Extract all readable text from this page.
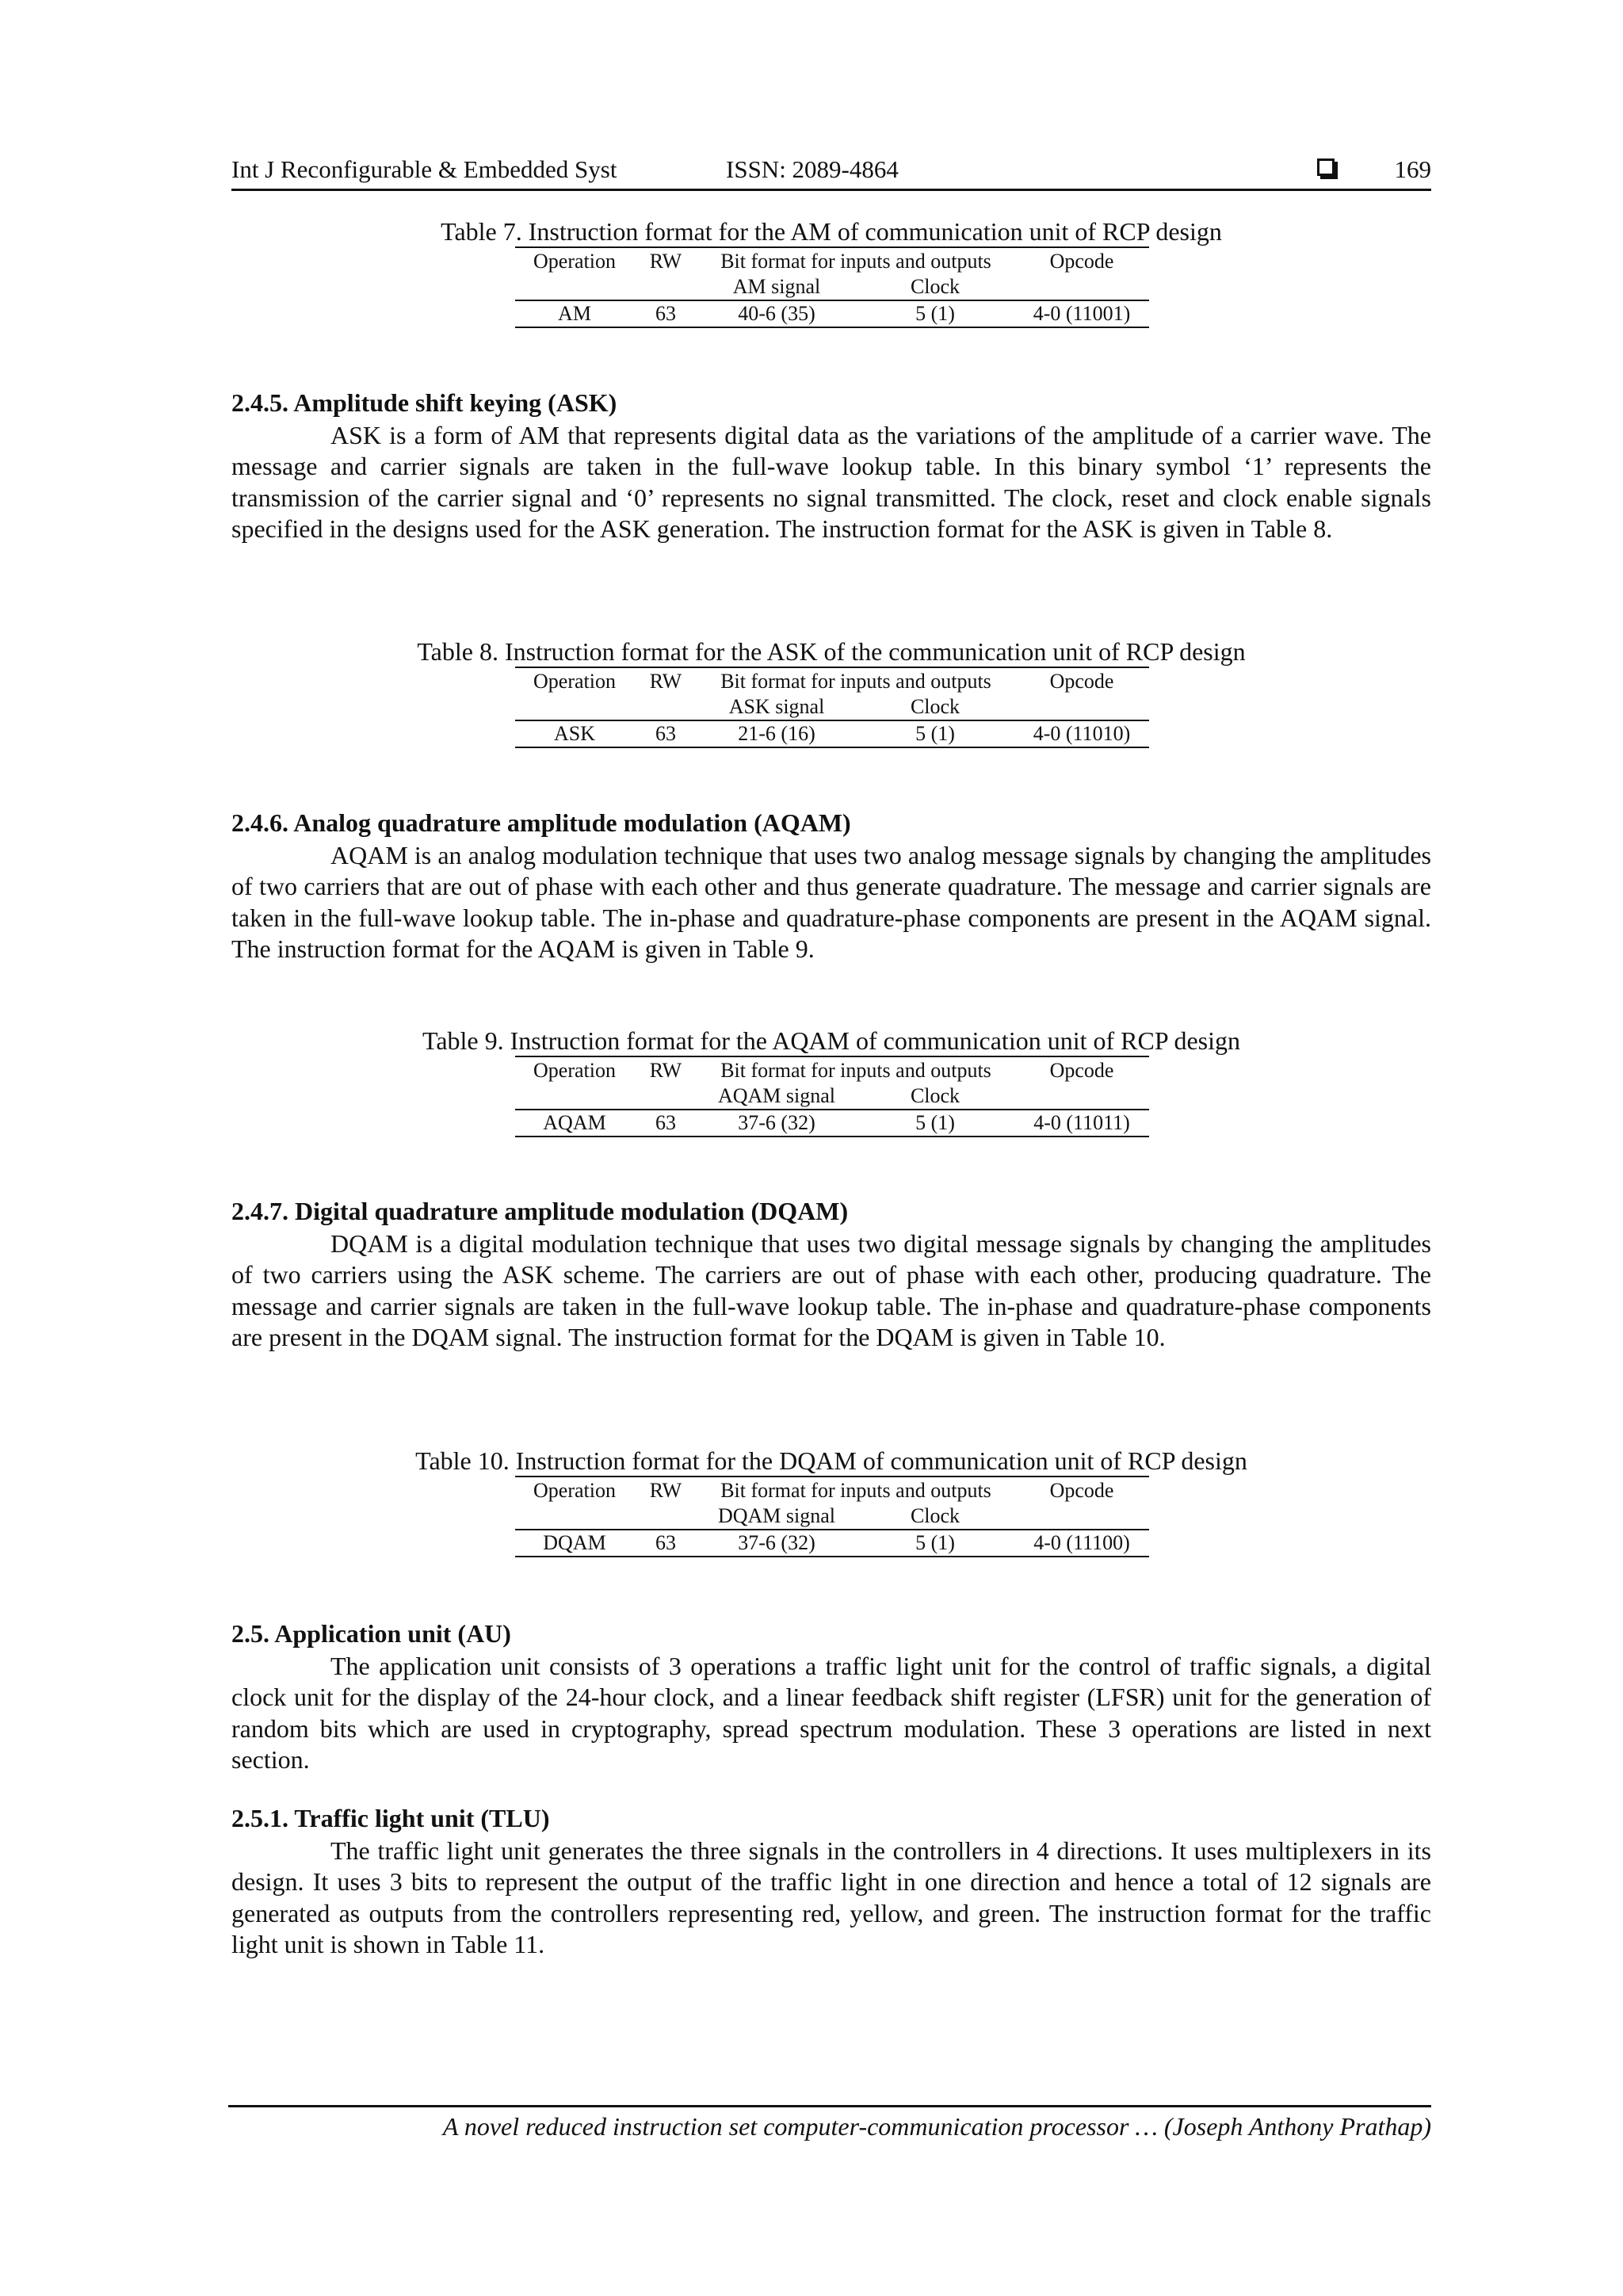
Int J Reconfigurable & Embedded Syst	ISSN: 2089-4864	169
Table 7. Instruction format for the AM of communication unit of RCP design
Operation	RW	Bit format for inputs and outputs		Opcode
		AM signal	Clock	
AM	63	40-6 (35)	5 (1)	4-0 (11001)
2.4.5. Amplitude shift keying (ASK)

ASK is a form of AM that represents digital data as the variations of the amplitude of a carrier wave. The message and carrier signals are taken in the full-wave lookup table. In this binary symbol ‘1’ represents the transmission of the carrier signal and ‘0’ represents no signal transmitted. The clock, reset and clock enable signals specified in the designs used for the ASK generation. The instruction format for the ASK is given in Table 8.

Table 8. Instruction format for the ASK of the communication unit of RCP design
Operation	RW	Bit format for inputs and outputs		Opcode
		ASK signal	Clock	
ASK	63	21-6 (16)	5 (1)	4-0 (11010)
2.4.6. Analog quadrature amplitude modulation (AQAM)

AQAM is an analog modulation technique that uses two analog message signals by changing the amplitudes of two carriers that are out of phase with each other and thus generate quadrature. The message and carrier signals are taken in the full-wave lookup table. The in-phase and quadrature-phase components are present in the AQAM signal. The instruction format for the AQAM is given in Table 9.

Table 9. Instruction format for the AQAM of communication unit of RCP design
Operation	RW	Bit format for inputs and outputs		Opcode
		AQAM signal	Clock	
AQAM	63	37-6 (32)	5 (1)	4-0 (11011)
2.4.7. Digital quadrature amplitude modulation (DQAM)

DQAM is a digital modulation technique that uses two digital message signals by changing the amplitudes of two carriers using the ASK scheme. The carriers are out of phase with each other, producing quadrature. The message and carrier signals are taken in the full-wave lookup table. The in-phase and quadrature-phase components are present in the DQAM signal. The instruction format for the DQAM is given in Table 10.

Table 10. Instruction format for the DQAM of communication unit of RCP design
Operation	RW	Bit format for inputs and outputs		Opcode
		DQAM signal	Clock	
DQAM	63	37-6 (32)	5 (1)	4-0 (11100)
2.5. Application unit (AU)

The application unit consists of 3 operations a traffic light unit for the control of traffic signals, a digital clock unit for the display of the 24-hour clock, and a linear feedback shift register (LFSR) unit for the generation of random bits which are used in cryptography, spread spectrum modulation. These 3 operations are listed in next section.

2.5.1. Traffic light unit (TLU)

The traffic light unit generates the three signals in the controllers in 4 directions. It uses multiplexers in its design. It uses 3 bits to represent the output of the traffic light in one direction and hence a total of 12 signals are generated as outputs from the controllers representing red, yellow, and green. The instruction format for the traffic light unit is shown in Table 11.

A novel reduced instruction set computer-communication processor … (Joseph Anthony Prathap)
